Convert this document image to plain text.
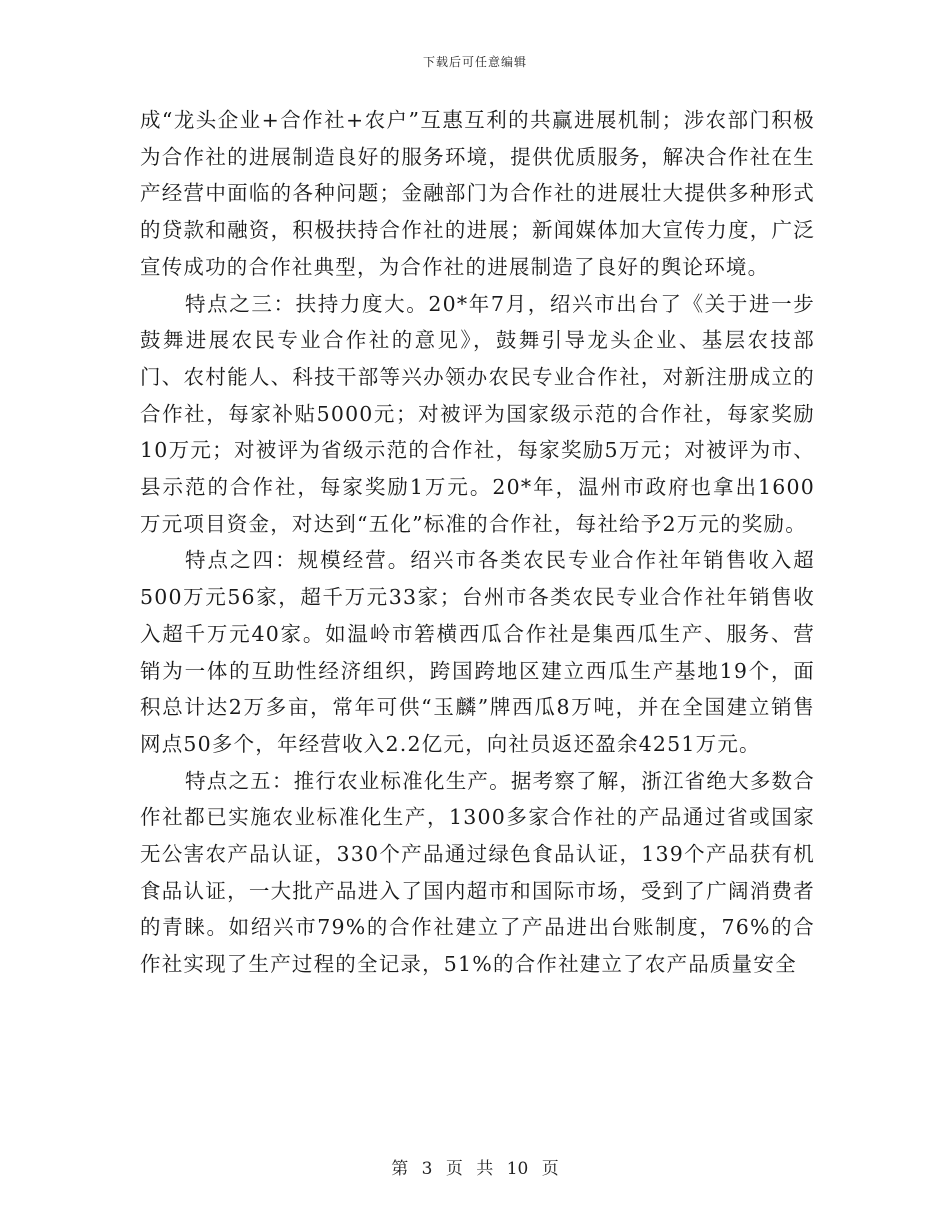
下载后可任意编辑

成“龙头企业+合作社+农户”互惠互利的共赢进展机制；涉农部门积极为合作社的进展制造良好的服务环境，提供优质服务，解决合作社在生产经营中面临的各种问题；金融部门为合作社的进展壮大提供多种形式的贷款和融资，积极扶持合作社的进展；新闻媒体加大宣传力度，广泛宣传成功的合作社典型，为合作社的进展制造了良好的舆论环境。

特点之三：扶持力度大。20*年7月，绍兴市出台了《关于进一步鼓舞进展农民专业合作社的意见》，鼓舞引导龙头企业、基层农技部门、农村能人、科技干部等兴办领办农民专业合作社，对新注册成立的合作社，每家补贴5000元；对被评为国家级示范的合作社，每家奖励10万元；对被评为省级示范的合作社，每家奖励5万元；对被评为市、县示范的合作社，每家奖励1万元。20*年，温州市政府也拿出1600万元项目资金，对达到“五化”标准的合作社，每社给予2万元的奖励。

特点之四：规模经营。绍兴市各类农民专业合作社年销售收入超500万元56家，超千万元33家；台州市各类农民专业合作社年销售收入超千万元40家。如温岭市箬横西瓜合作社是集西瓜生产、服务、营销为一体的互助性经济组织，跨国跨地区建立西瓜生产基地19个，面积总计达2万多亩，常年可供“玉麟”牌西瓜8万吨，并在全国建立销售网点50多个，年经营收入2.2亿元，向社员返还盈余4251万元。

特点之五：推行农业标准化生产。据考察了解，浙江省绝大多数合作社都已实施农业标准化生产，1300多家合作社的产品通过省或国家无公害农产品认证，330个产品通过绿色食品认证，139个产品获有机食品认证，一大批产品进入了国内超市和国际市场，受到了广阔消费者的青睐。如绍兴市79%的合作社建立了产品进出台账制度，76%的合作社实现了生产过程的全记录，51%的合作社建立了农产品质量安全

第 3 页 共 10 页
